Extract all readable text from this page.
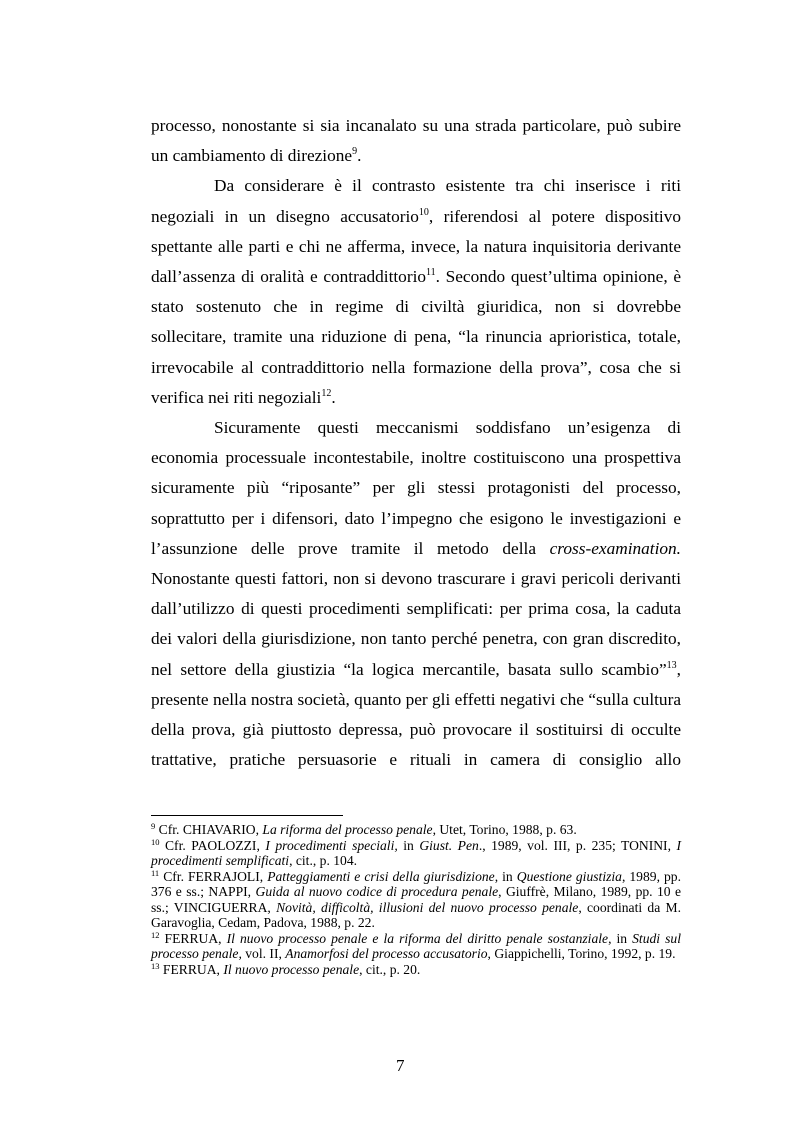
processo, nonostante si sia incanalato su una strada particolare, può subire un cambiamento di direzione$^9$.

Da considerare è il contrasto esistente tra chi inserisce i riti negoziali in un disegno accusatorio$^{10}$, riferendosi al potere dispositivo spettante alle parti e chi ne afferma, invece, la natura inquisitoria derivante dall’assenza di oralità e contraddittorio$^{11}$. Secondo quest’ultima opinione, è stato sostenuto che in regime di civiltà giuridica, non si dovrebbe sollecitare, tramite una riduzione di pena, “la rinuncia aprioristica, totale, irrevocabile al contraddittorio nella formazione della prova”, cosa che si verifica nei riti negoziali$^{12}$.

Sicuramente questi meccanismi soddisfano un’esigenza di economia processuale incontestabile, inoltre costituiscono una prospettiva sicuramente più “riposante” per gli stessi protagonisti del processo, soprattutto per i difensori, dato l’impegno che esigono le investigazioni e l’assunzione delle prove tramite il metodo della cross-examination. Nonostante questi fattori, non si devono trascurare i gravi pericoli derivanti dall’utilizzo di questi procedimenti semplificati: per prima cosa, la caduta dei valori della giurisdizione, non tanto perché penetra, con gran discredito, nel settore della giustizia “la logica mercantile, basata sullo scambio”$^{13}$, presente nella nostra società, quanto per gli effetti negativi che “sulla cultura della prova, già piuttosto depressa, può provocare il sostituirsi di occulte trattative, pratiche persuasorie e rituali in camera di consiglio allo

$^9$ Cfr. CHIAVARIO, La riforma del processo penale, Utet, Torino, 1988, p. 63.

$^{10}$ Cfr. PAOLOZZI, I procedimenti speciali, in Giust. Pen., 1989, vol. III, p. 235; TONINI, I procedimenti semplificati, cit., p. 104.

$^{11}$ Cfr. FERRAJOLI, Patteggiamenti e crisi della giurisdizione, in Questione giustizia, 1989, pp. 376 e ss.; NAPPI, Guida al nuovo codice di procedura penale, Giuffrè, Milano, 1989, pp. 10 e ss.; VINCIGUERRA, Novità, difficoltà, illusioni del nuovo processo penale, coordinati da M. Garavoglia, Cedam, Padova, 1988, p. 22.

$^{12}$ FERRUA, Il nuovo processo penale e la riforma del diritto penale sostanziale, in Studi sul processo penale, vol. II, Anamorfosi del processo accusatorio, Giappichelli, Torino, 1992, p. 19.

$^{13}$ FERRUA, Il nuovo processo penale, cit., p. 20.

7
